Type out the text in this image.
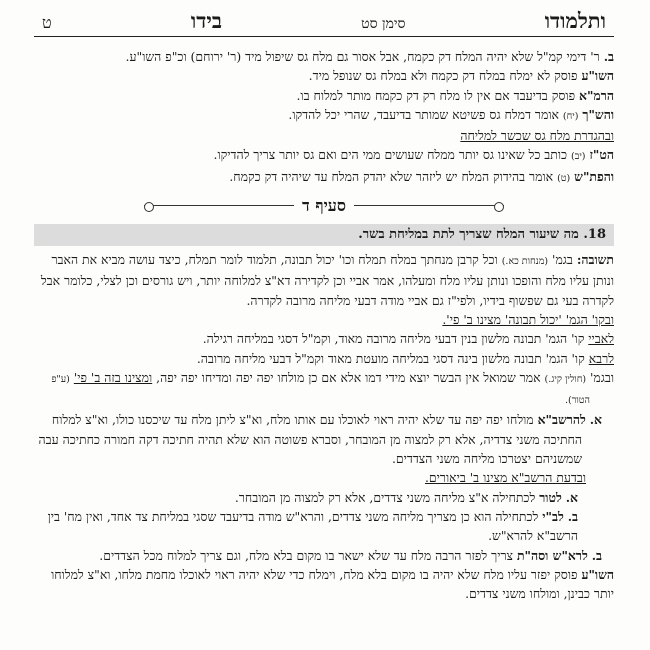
ותלמודו
סימן סט
בידו
ט

ב. ר' דימי קמ"ל שלא יהיה המלח דק כקמח, אבל אסור גם מלח גס שיפול מיד (ר' ירוחם) וכ"פ השו"ע.

השו"ע פוסק לא ימלח במלח דק כקמח ולא במלח גס שנופל מיד.

הרמ"א פוסק בדיעבד אם אין לו מלח רק דק כקמח מותר למלוח בו.

והש"ך (יח) אומר דמלח גס פשיטא שמותר בדיעבד, שהרי יכל להדקו.

ובהגדרת מלח גס שכשר למליחה

הט"ז (יב) כותב כל שאינו גס יותר ממלח שעושים ממי הים ואם גס יותר צריך להדיקו.

והפת"ש (ט) אומר בהידוק המלח יש ליזהר שלא יהדק המלח עד שיהיה דק כקמח.

סעיף ד
18. מה שיעור המלח שצריך לתת במליחת בשר.

תשובה: בגמ' (מנחות כא.) וכל קרבן מנחתך במלח תמלח וכו' יכול תבונה, תלמוד לומר תמלח, כיצד עושה מביא את האבר ונותן עליו מלח והופכו ונותן עליו מלח ומעלהו, אמר אביי וכן לקדירה דא"צ למלוחה יותר, ויש גורסים וכן לצלי, כלומר אבל לקדרה בעי גם שפשוף בידיו, ולפי"ז גם אביי מודה דבעי מליחה מרובה לקדרה.

ובקו' הגמ' 'יכול תבונה' מצינו ב' פי'.

לאביי קו' הגמ' תבונה מלשון בנין דבעי מליחה מרובה מאוד, וקמ"ל דסגי במליחה רגילה.

לרבא קו' הגמ' תבונה מלשון בינה דסגי במליחה מועטת מאוד וקמ"ל דבעי מליחה מרובה.

ובגמ' (חולין קיג.) אמר שמואל אין הבשר יוצא מידי דמו אלא אם כן מולחו יפה יפה ומדיחו יפה יפה, ומצינו בזה ב' פי' (ע"פ הטור).

א. להרשב"א מולחו יפה יפה עד שלא יהיה ראוי לאוכלו עם אותו מלח, וא"צ ליתן מלח עד שיכסנו כולו, וא"צ למלוח החתיכה משני צדדיה, אלא רק למצוה מן המובחר, וסברא פשוטה הוא שלא תהיה חתיכה דקה חמורה כחתיכה עבה שמשניהם יצטרכו מליחה משני הצדדים.

ובדעת הרשב"א מצינו ב' ביאורים.

א. לטור לכתחילה א"צ מליחה משני צדדים, אלא רק למצוה מן המובחר.

ב. לב"י לכתחילה הוא כן מצריך מליחה משני צדדים, והרא"ש מודה בדיעבד שסגי במליחת צד אחד, ואין מח' בין הרשב"א להרא"ש.

ב. לרא"ש וסה"ת צריך לפזר הרבה מלח עד שלא ישאר בו מקום בלא מלח, וגם צריך למלוח מכל הצדדים.

השו"ע פוסק יפזר עליו מלח שלא יהיה בו מקום בלא מלח, וימלח כדי שלא יהיה ראוי לאוכלו מחמת מלחו, וא"צ למלוחו יותר כבינן, ומולחו משני צדדים.
